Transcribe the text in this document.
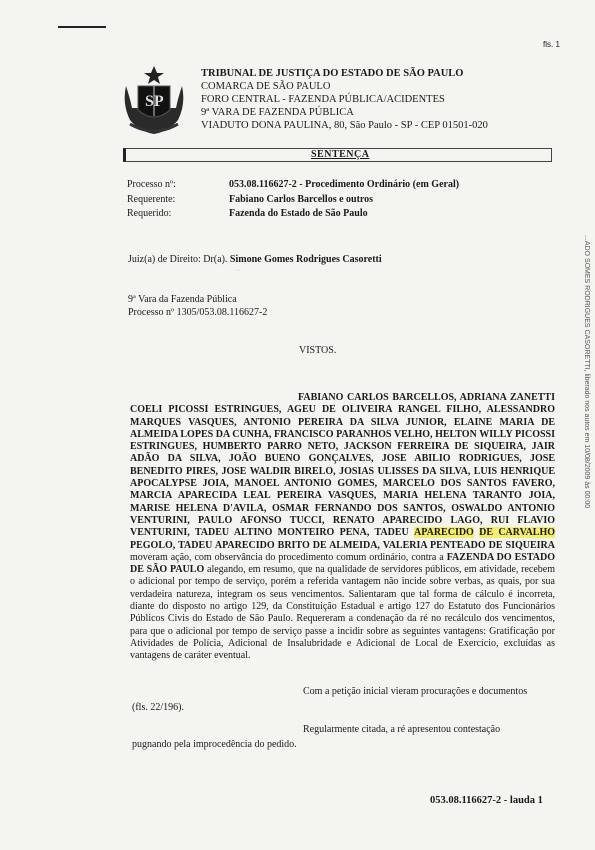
fls. 1
SP
TRIBUNAL DE JUSTIÇA DO ESTADO DE SÃO PAULO
COMARCA DE SÃO PAULO
FORO CENTRAL - FAZENDA PÚBLICA/ACIDENTES
9ª VARA DE FAZENDA PÚBLICA
VIADUTO DONA PAULINA, 80, São Paulo - SP - CEP 01501-020
SENTENÇA
Processo nº:	053.08.116627-2 - Procedimento Ordinário (em Geral)
Requerente:	Fabiano Carlos Barcellos e outros
Requerido:	Fazenda do Estado de São Paulo
Juiz(a) de Direito: Dr(a). Simone Gomes Rodrigues Casoretti
·​·
9ª Vara da Fazenda Pública
Processo nº 1305/053.08.116627-2
VISTOS.	...ADO SOMES RODRIGUES CASORETTI, liberado nos autos em 10/08/2009 às 00:00
FABIANO CARLOS BARCELLOS, ADRIANA ZANETTI COELI PICOSSI ESTRINGUES, AGEU DE OLIVEIRA RANGEL FILHO, ALESSANDRO MARQUES VASQUES, ANTONIO PEREIRA DA SILVA JUNIOR, ELAINE MARIA DE ALMEIDA LOPES DA CUNHA, FRANCISCO PARANHOS VELHO, HELTON WILLY PICOSSI ESTRINGUES, HUMBERTO PARRO NETO, JACKSON FERREIRA DE SIQUEIRA, JAIR ADÃO DA SILVA, JOÃO BUENO GONÇALVES, JOSE ABILIO RODRIGUES, JOSE BENEDITO PIRES, JOSE WALDIR BIRELO, JOSIAS ULISSES DA SILVA, LUIS HENRIQUE APOCALYPSE JOIA, MANOEL ANTONIO GOMES, MARCELO DOS SANTOS FAVERO, MARCIA APARECIDA LEAL PEREIRA VASQUES, MARIA HELENA TARANTO JOIA, MARISE HELENA D'AVILA, OSMAR FERNANDO DOS SANTOS, OSWALDO ANTONIO VENTURINI, PAULO AFONSO TUCCI, RENATO APARECIDO LAGO, RUI FLAVIO VENTURINI, TADEU ALTINO MONTEIRO PENA, TADEU APARECIDO DE CARVALHO PEGOLO, TADEU APARECIDO BRITO DE ALMEIDA, VALERIA PENTEADO DE SIQUEIRA moveram ação, com observância do procedimento comum ordinário, contra a FAZENDA DO ESTADO DE SÃO PAULO alegando, em resumo, que na qualidade de servidores públicos, em atividade, recebem o adicional por tempo de serviço, porém a referida vantagem não incide sobre verbas, as quais, por sua verdadeira natureza, integram os seus vencimentos. Salientaram que tal forma de cálculo é incorreta, diante do disposto no artigo 129, da Constituição Estadual e artigo 127 do Estatuto dos Funcionários Públicos Civis do Estado de São Paulo. Requereram a condenação da ré no recálculo dos vencimentos, para que o adicional por tempo de serviço passe a incidir sobre as seguintes vantagens: Gratificação por Atividades de Polícia, Adicional de Insalubridade e Adicional de Local de Exercício, excluídas as vantagens de caráter eventual.
Com a petição inicial vieram procurações e documentos
(fls. 22/196).
Regularmente citada, a ré apresentou contestação
pugnando pela improcedência do pedido.
053.08.116627-2 - lauda 1
